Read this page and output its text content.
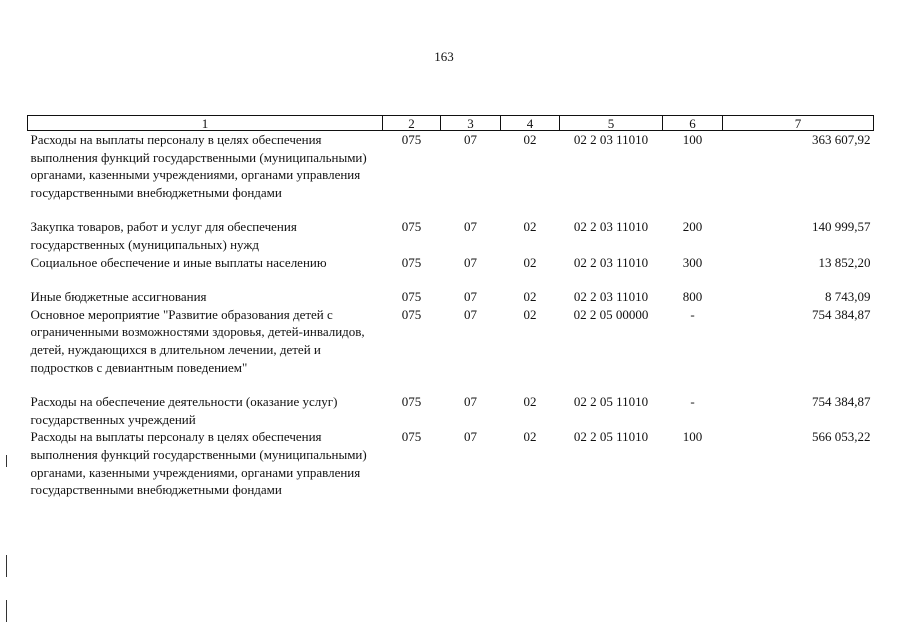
163
1	2	3	4	5	6	7
Расходы на выплаты персоналу в целях обеспечения выполнения функций государственными (муниципальными) органами, казенными учреждениями, органами управления государственными внебюджетными фондами	075	07	02	02 2 03 11010	100	363 607,92
Закупка товаров, работ и услуг для обеспечения государственных (муниципальных) нужд	075	07	02	02 2 03 11010	200	140 999,57
Социальное обеспечение и иные выплаты населению	075	07	02	02 2 03 11010	300	13 852,20
Иные бюджетные ассигнования	075	07	02	02 2 03 11010	800	8 743,09
Основное мероприятие "Развитие образования детей с ограниченными возможностями здоровья, детей-инвалидов, детей, нуждающихся в длительном лечении, детей и подростков с девиантным поведением"	075	07	02	02 2 05 00000	-	754 384,87
Расходы на обеспечение деятельности (оказание услуг) государственных учреждений	075	07	02	02 2 05 11010	-	754 384,87
Расходы на выплаты персоналу в целях обеспечения выполнения функций государственными (муниципальными) органами, казенными учреждениями, органами управления государственными внебюджетными фондами	075	07	02	02 2 05 11010	100	566 053,22
